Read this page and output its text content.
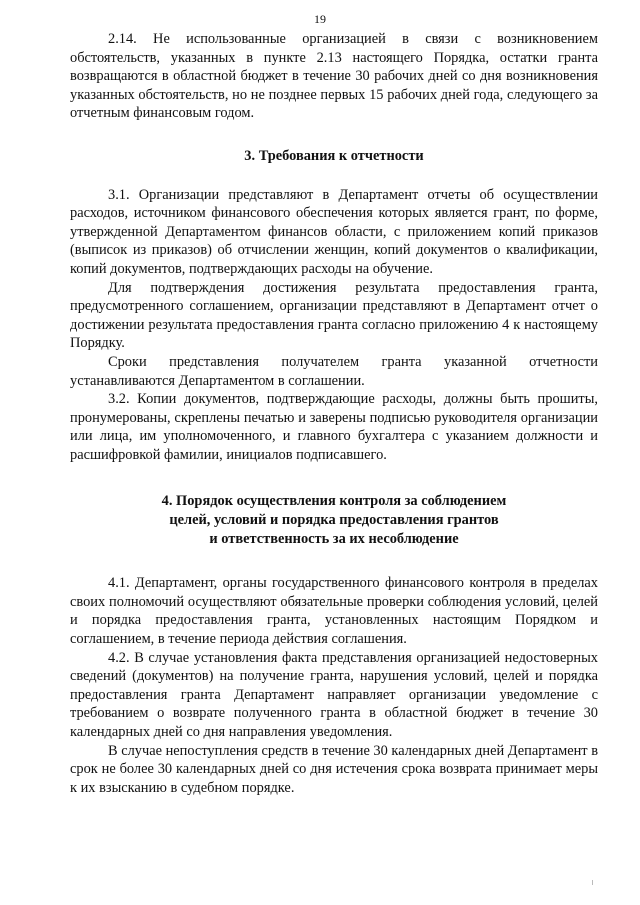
19

2.14. Не использованные организацией в связи с возникновением обстоятельств, указанных в пункте 2.13 настоящего Порядка, остатки гранта возвращаются в областной бюджет в течение 30 рабочих дней со дня возникновения указанных обстоятельств, но не позднее первых 15 рабочих дней года, следующего за отчетным финансовым годом.

3. Требования к отчетности

3.1. Организации представляют в Департамент отчеты об осуществлении расходов, источником финансового обеспечения которых является грант, по форме, утвержденной Департаментом финансов области, с приложением копий приказов (выписок из приказов) об отчислении женщин, копий документов о квалификации, копий документов, подтверждающих расходы на обучение.

Для подтверждения достижения результата предоставления гранта, предусмотренного соглашением, организации представляют в Департамент отчет о достижении результата предоставления гранта согласно приложению 4 к настоящему Порядку.

Сроки представления получателем гранта указанной отчетности устанавливаются Департаментом в соглашении.

3.2. Копии документов, подтверждающие расходы, должны быть прошиты, пронумерованы, скреплены печатью и заверены подписью руководителя организации или лица, им уполномоченного, и главного бухгалтера с указанием должности и расшифровкой фамилии, инициалов подписавшего.

4. Порядок осуществления контроля за соблюдением
целей, условий и порядка предоставления грантов
и ответственность за их несоблюдение

4.1. Департамент, органы государственного финансового контроля в пределах своих полномочий осуществляют обязательные проверки соблюдения условий, целей и порядка предоставления гранта, установленных настоящим Порядком и соглашением, в течение периода действия соглашения.

4.2. В случае установления факта представления организацией недостоверных сведений (документов) на получение гранта, нарушения условий, целей и порядка предоставления гранта Департамент направляет организации уведомление с требованием о возврате полученного гранта в областной бюджет в течение 30 календарных дней со дня направления уведомления.

В случае непоступления средств в течение 30 календарных дней Департамент в срок не более 30 календарных дней со дня истечения срока возврата принимает меры к их взысканию в судебном порядке.
